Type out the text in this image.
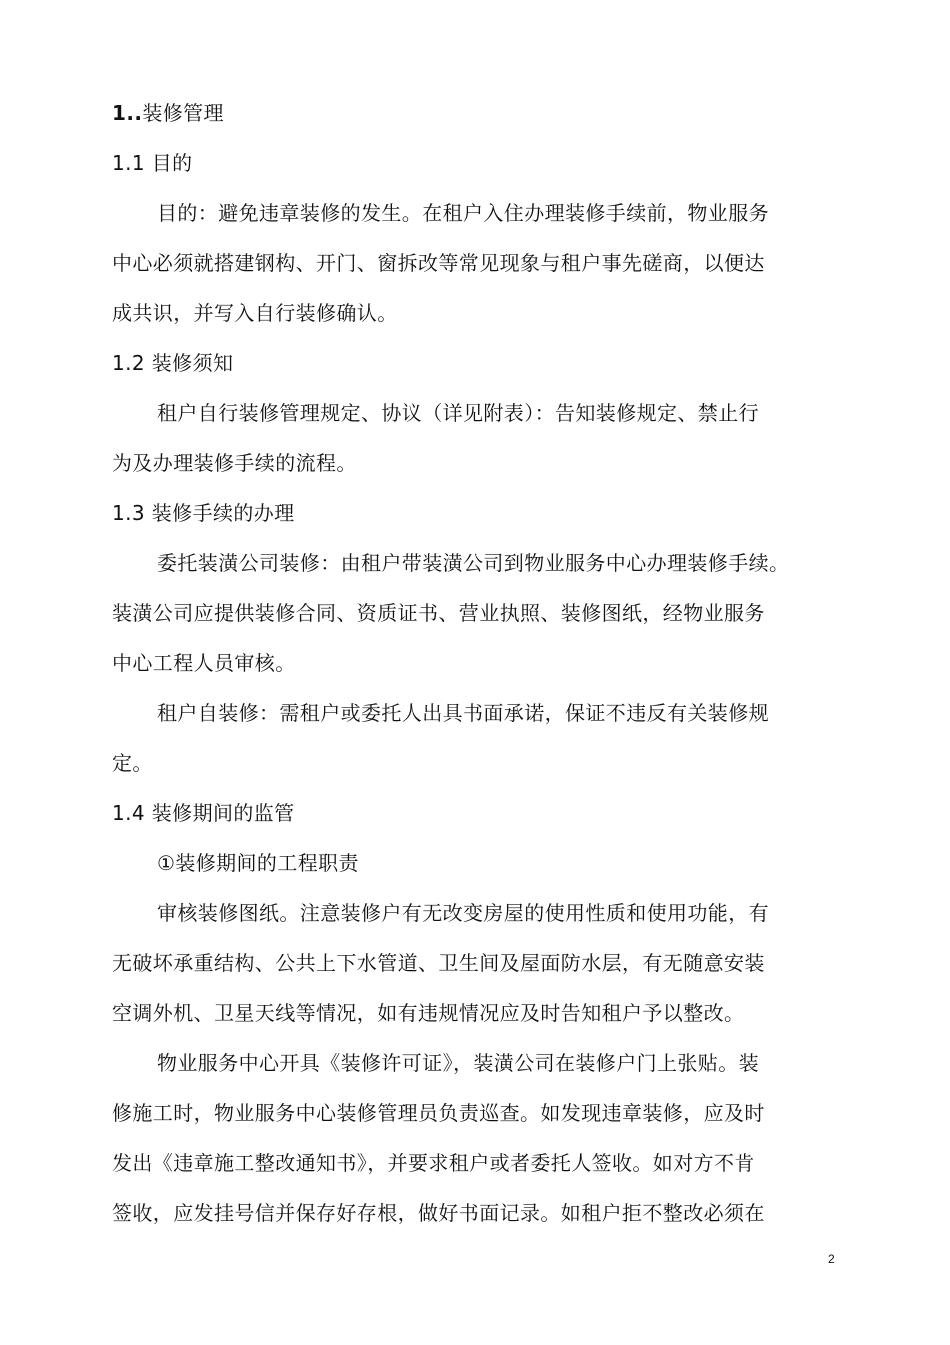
1..装修管理
1.1 目的
目的：避免违章装修的发生。在租户入住办理装修手续前，物业服务
中心必须就搭建钢构、开门、窗拆改等常见现象与租户事先磋商，以便达
成共识，并写入自行装修确认。
1.2 装修须知
租户自行装修管理规定、协议（详见附表）：告知装修规定、禁止行
为及办理装修手续的流程。
1.3 装修手续的办理
委托装潢公司装修：由租户带装潢公司到物业服务中心办理装修手续。
装潢公司应提供装修合同、资质证书、营业执照、装修图纸，经物业服务
中心工程人员审核。
租户自装修：需租户或委托人出具书面承诺，保证不违反有关装修规
定。
1.4 装修期间的监管
①装修期间的工程职责
审核装修图纸。注意装修户有无改变房屋的使用性质和使用功能，有
无破坏承重结构、公共上下水管道、卫生间及屋面防水层，有无随意安装
空调外机、卫星天线等情况，如有违规情况应及时告知租户予以整改。
物业服务中心开具《装修许可证》，装潢公司在装修户门上张贴。装
修施工时，物业服务中心装修管理员负责巡查。如发现违章装修，应及时
发出《违章施工整改通知书》，并要求租户或者委托人签收。如对方不肯
签收，应发挂号信并保存好存根，做好书面记录。如租户拒不整改必须在
2
